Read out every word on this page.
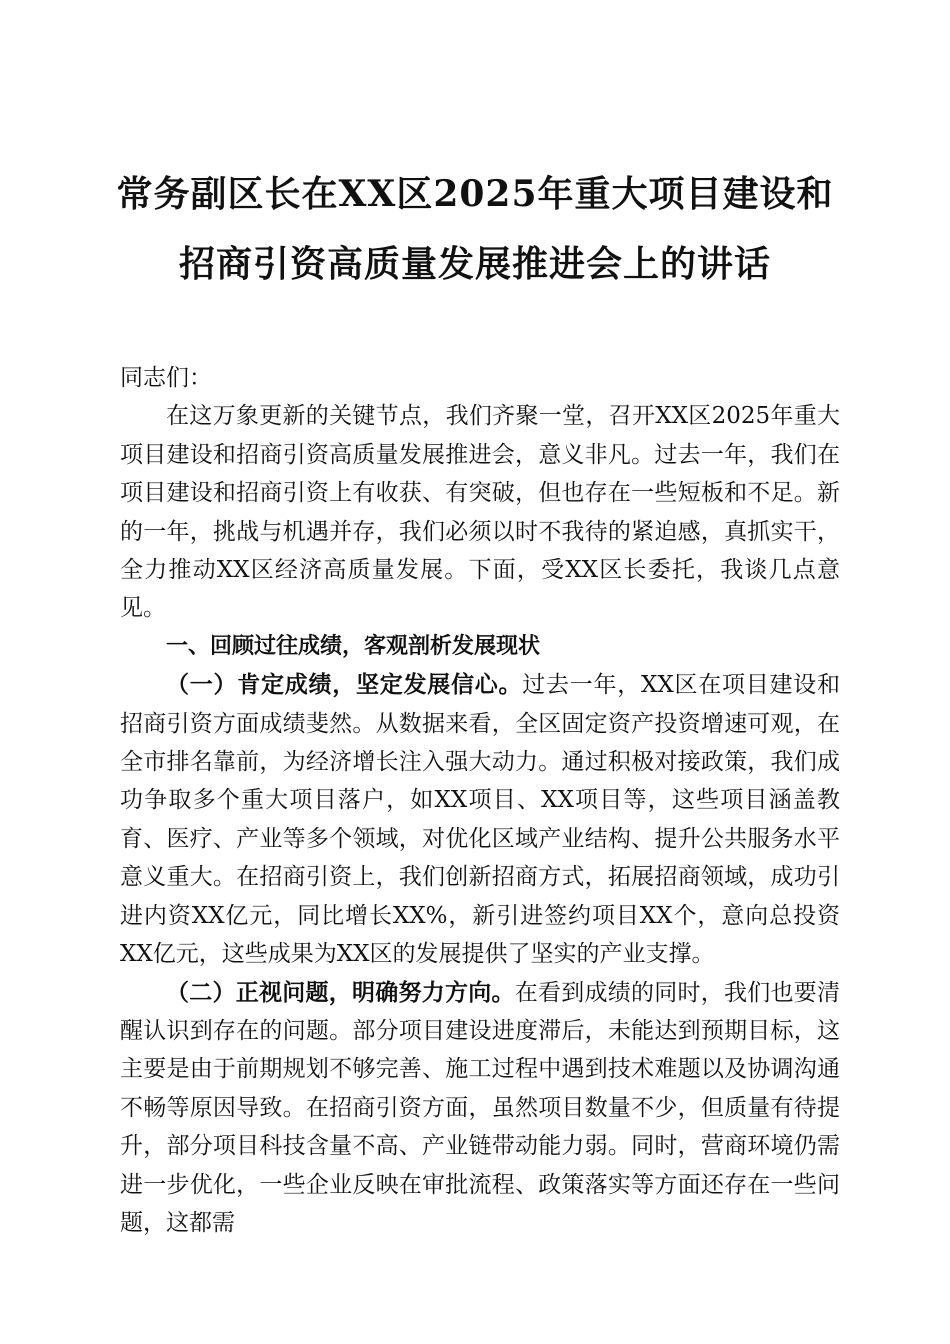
常务副区长在XX区2025年重大项目建设和
招商引资高质量发展推进会上的讲话

同志们：

在这万象更新的关键节点，我们齐聚一堂，召开XX区2025年重大项目建设和招商引资高质量发展推进会，意义非凡。过去一年，我们在项目建设和招商引资上有收获、有突破，但也存在一些短板和不足。新的一年，挑战与机遇并存，我们必须以时不我待的紧迫感，真抓实干，全力推动XX区经济高质量发展。下面，受XX区长委托，我谈几点意见。

一、回顾过往成绩，客观剖析发展现状

（一）肯定成绩，坚定发展信心。过去一年，XX区在项目建设和招商引资方面成绩斐然。从数据来看，全区固定资产投资增速可观，在全市排名靠前，为经济增长注入强大动力。通过积极对接政策，我们成功争取多个重大项目落户，如XX项目、XX项目等，这些项目涵盖教育、医疗、产业等多个领域，对优化区域产业结构、提升公共服务水平意义重大。在招商引资上，我们创新招商方式，拓展招商领域，成功引进内资XX亿元，同比增长XX%，新引进签约项目XX个，意向总投资XX亿元，这些成果为XX区的发展提供了坚实的产业支撑。

（二）正视问题，明确努力方向。在看到成绩的同时，我们也要清醒认识到存在的问题。部分项目建设进度滞后，未能达到预期目标，这主要是由于前期规划不够完善、施工过程中遇到技术难题以及协调沟通不畅等原因导致。在招商引资方面，虽然项目数量不少，但质量有待提升，部分项目科技含量不高、产业链带动能力弱。同时，营商环境仍需进一步优化，一些企业反映在审批流程、政策落实等方面还存在一些问题，这都需
